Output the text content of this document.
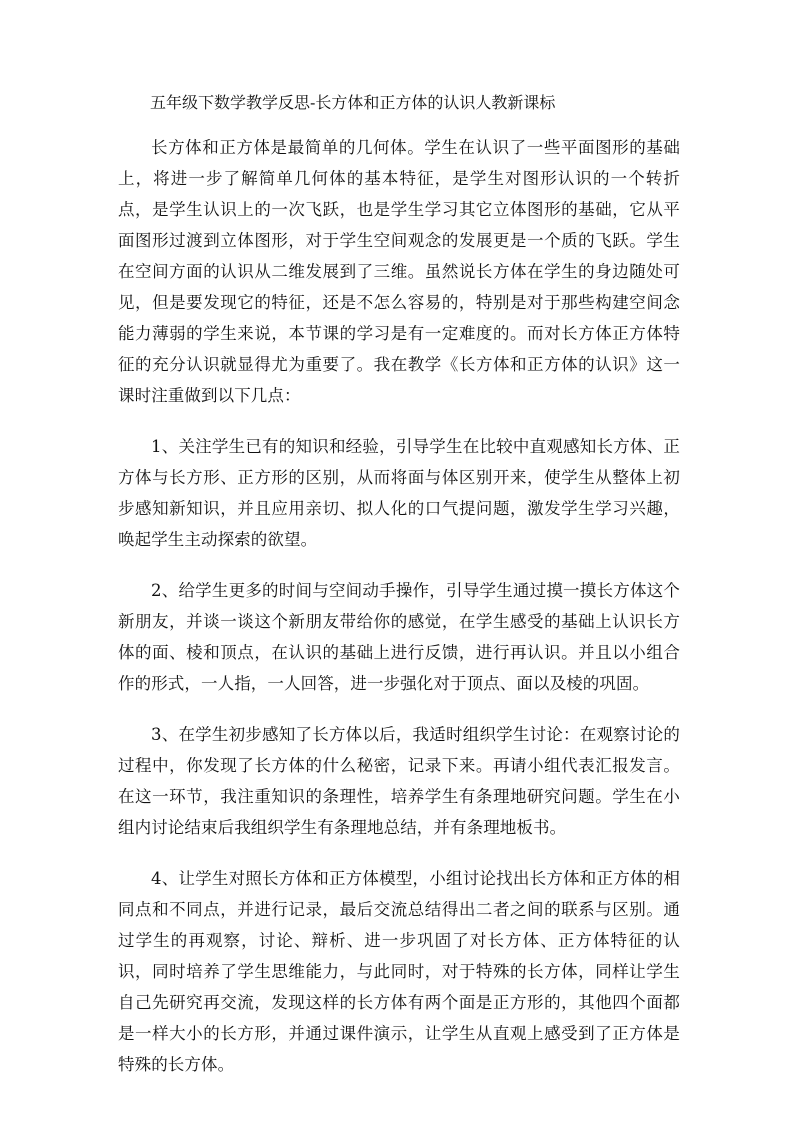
五年级下数学教学反思-长方体和正方体的认识人教新课标

长方体和正方体是最简单的几何体。学生在认识了一些平面图形的基础上，将进一步了解简单几何体的基本特征，是学生对图形认识的一个转折点，是学生认识上的一次飞跃，也是学生学习其它立体图形的基础，它从平面图形过渡到立体图形，对于学生空间观念的发展更是一个质的飞跃。学生在空间方面的认识从二维发展到了三维。虽然说长方体在学生的身边随处可见，但是要发现它的特征，还是不怎么容易的，特别是对于那些构建空间念能力薄弱的学生来说，本节课的学习是有一定难度的。而对长方体正方体特征的充分认识就显得尤为重要了。我在教学《长方体和正方体的认识》这一课时注重做到以下几点：

1、关注学生已有的知识和经验，引导学生在比较中直观感知长方体、正方体与长方形、正方形的区别，从而将面与体区别开来，使学生从整体上初步感知新知识，并且应用亲切、拟人化的口气提问题，激发学生学习兴趣，唤起学生主动探索的欲望。

2、给学生更多的时间与空间动手操作，引导学生通过摸一摸长方体这个新朋友，并谈一谈这个新朋友带给你的感觉，在学生感受的基础上认识长方体的面、棱和顶点，在认识的基础上进行反馈，进行再认识。并且以小组合作的形式，一人指，一人回答，进一步强化对于顶点、面以及棱的巩固。

3、在学生初步感知了长方体以后，我适时组织学生讨论：在观察讨论的过程中，你发现了长方体的什么秘密，记录下来。再请小组代表汇报发言。在这一环节，我注重知识的条理性，培养学生有条理地研究问题。学生在小组内讨论结束后我组织学生有条理地总结，并有条理地板书。

4、让学生对照长方体和正方体模型，小组讨论找出长方体和正方体的相同点和不同点，并进行记录，最后交流总结得出二者之间的联系与区别。通过学生的再观察，讨论、辩析、进一步巩固了对长方体、正方体特征的认识，同时培养了学生思维能力，与此同时，对于特殊的长方体，同样让学生自己先研究再交流，发现这样的长方体有两个面是正方形的，其他四个面都是一样大小的长方形，并通过课件演示，让学生从直观上感受到了正方体是特殊的长方体。
